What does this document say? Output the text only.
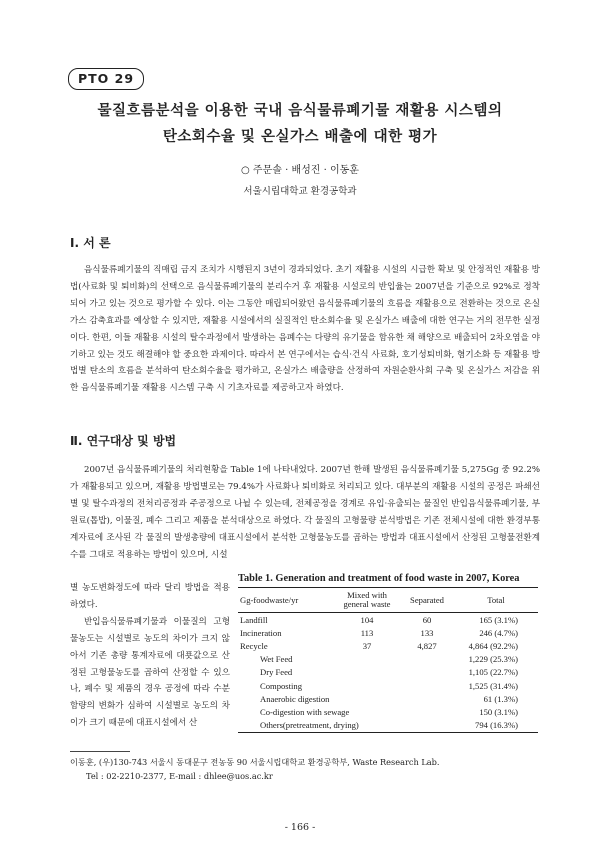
PTO 29
물질흐름분석을 이용한 국내 음식물류폐기물 재활용 시스템의
탄소회수율 및 온실가스 배출에 대한 평가
○ 주문솔 · 배성진 · 이동훈
서울시립대학교 환경공학과
Ⅰ. 서 론

음식물류폐기물의 직매립 금지 조치가 시행된지 3년이 경과되었다. 초기 재활용 시설의 시급한 확보 및 안정적인 재활용 방법(사료화 및 퇴비화)의 선택으로 음식물류폐기물의 분리수거 후 재활용 시설로의 반입율는 2007년을 기준으로 92%로 정착되어 가고 있는 것으로 평가할 수 있다. 이는 그동안 매립되어왔던 음식물류폐기물의 흐름을 재활용으로 전환하는 것으로 온실가스 감축효과를 예상할 수 있지만, 재활용 시설에서의 실질적인 탄소회수율 및 온실가스 배출에 대한 연구는 거의 전무한 실정이다. 한편, 이들 재활용 시설의 탈수과정에서 발생하는 음폐수는 다량의 유기물을 함유한 채 해양으로 배출되어 2차오염을 야기하고 있는 것도 해결해야 할 중요한 과제이다. 따라서 본 연구에서는 습식·건식 사료화, 호기성퇴비화, 혐기소화 등 재활용 방법별 탄소의 흐름을 분석하여 탄소회수율을 평가하고, 온실가스 배출량을 산정하여 자원순환사회 구축 및 온실가스 저감을 위한 음식물류폐기물 재활용 시스템 구축 시 기초자료를 제공하고자 하였다.

Ⅱ. 연구대상 및 방법

2007년 음식물류폐기물의 처리현황을 Table 1에 나타내었다. 2007년 한해 발생된 음식물류폐기물 5,275Gg 중 92.2%가 재활용되고 있으며, 재활용 방법별로는 79.4%가 사료화나 퇴비화로 처리되고 있다. 대부분의 재활용 시설의 공정은 파쇄선별 및 탈수과정의 전처리공정과 주공정으로 나뉠 수 있는데, 전체공정을 경계로 유입·유출되는 물질인 반입음식물류폐기물, 부원료(톱밥), 이물질, 폐수 그리고 제품을 분석대상으로 하였다. 각 물질의 고형물량 분석방법은 기존 전체시설에 대한 환경부통계자료에 조사된 각 물질의 발생총량에 대표시설에서 분석한 고형물농도를 곱하는 방법과 대표시설에서 산정된 고형물전환계수를 그대로 적용하는 방법이 있으며, 시설

별 농도변화정도에 따라 달리 방법을 적용하였다.

반입음식물류폐기물과 이물질의 고형물농도는 시설별로 농도의 차이가 크지 않아서 기존 총량 통계자료에 대푯값으로 산정된 고형물농도를 곱하여 산정할 수 있으나, 폐수 및 제품의 경우 공정에 따라 수분함량의 변화가 심하여 시설별로 농도의 차이가 크기 때문에 대표시설에서 산

Table 1. Generation and treatment of food waste in 2007, Korea
Gg-foodwaste/yr	Mixed with general waste	Separated	Total
Landfill	104	60	165 (3.1%)
Incineration	113	133	246 (4.7%)
Recycle	37	4,827	4,864 (92.2%)
Wet Feed			1,229 (25.3%)
Dry Feed			1,105 (22.7%)
Composting			1,525 (31.4%)
Anaerobic digestion			61 (1.3%)
Co-digestion with sewage			150 (3.1%)
Others(pretreatment, drying)			794 (16.3%)
이동훈, (우)130-743 서울시 동대문구 전농동 90 서울시립대학교 환경공학부, Waste Research Lab.
Tel : 02-2210-2377, E-mail : dhlee@uos.ac.kr
- 166 -
